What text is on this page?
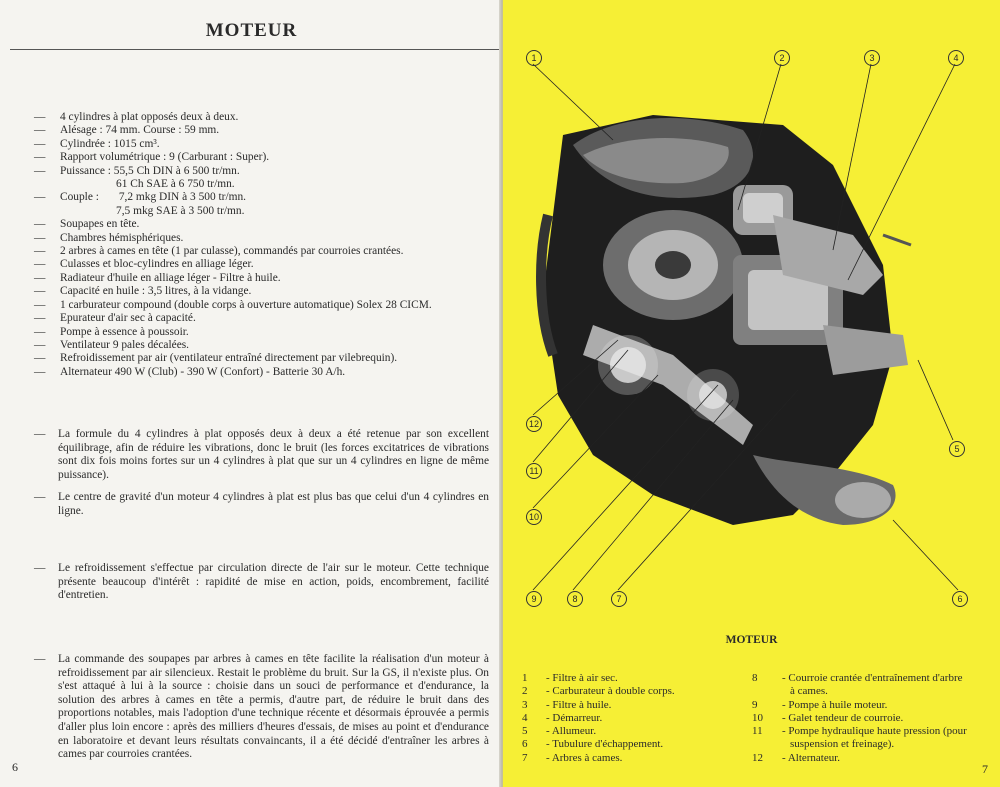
MOTEUR
— 4 cylindres à plat opposés deux à deux.
— Alésage : 74 mm. Course : 59 mm.
— Cylindrée : 1015 cm³.
— Rapport volumétrique : 9 (Carburant : Super).
— Puissance : 55,5 Ch DIN à 6 500 tr/mn.
61 Ch SAE à 6 750 tr/mn.
— Couple :       7,2 mkg DIN à 3 500 tr/mn.
7,5 mkg SAE à 3 500 tr/mn.
— Soupapes en tête.
— Chambres hémisphériques.
— 2 arbres à cames en tête (1 par culasse), commandés par courroies crantées.
— Culasses et bloc-cylindres en alliage léger.
— Radiateur d'huile en alliage léger - Filtre à huile.
— Capacité en huile : 3,5 litres, à la vidange.
— 1 carburateur compound (double corps à ouverture automatique) Solex 28 CICM.
— Epurateur d'air sec à capacité.
— Pompe à essence à poussoir.
— Ventilateur 9 pales décalées.
— Refroidissement par air (ventilateur entraîné directement par vilebrequin).
— Alternateur 490 W (Club) - 390 W (Confort) - Batterie 30 A/h.
— La formule du 4 cylindres à plat opposés deux à deux a été retenue par son excellent équilibrage, afin de réduire les vibrations, donc le bruit (les forces excitatrices de vibrations sont dix fois moins fortes sur un 4 cylindres à plat que sur un 4 cylindres en ligne de même puissance).
— Le centre de gravité d'un moteur 4 cylindres à plat est plus bas que celui d'un 4 cylindres en ligne.
— Le refroidissement s'effectue par circulation directe de l'air sur le moteur. Cette technique présente beaucoup d'intérêt : rapidité de mise en action, poids, encombrement, facilité d'entretien.
— La commande des soupapes par arbres à cames en tête facilite la réalisation d'un moteur à refroidissement par air silencieux. Restait le problème du bruit. Sur la GS, il n'existe plus. On s'est attaqué à lui à la source : choisie dans un souci de performance et d'endurance, la solution des arbres à cames en tête a permis, d'autre part, de réduire le bruit dans des proportions notables, mais l'adoption d'une technique récente et désormais éprouvée a permis d'aller plus loin encore : après des milliers d'heures d'essais, de mises au point et d'endurance en laboratoire et devant leurs résultats convaincants, il a été décidé d'entraîner les arbres à cames par courroies crantées.
6	7
1	2	3	4
5
6
7
8
9
10
11
12
MOTEUR
1 - Filtre à air sec.
2 - Carburateur à double corps.
3 - Filtre à huile.
4 - Démarreur.
5 - Allumeur.
6 - Tubulure d'échappement.
7 - Arbres à cames.
8 - Courroie crantée d'entraînement d'arbre
à cames.
9 - Pompe à huile moteur.
10 - Galet tendeur de courroie.
11 - Pompe hydraulique haute pression (pour
suspension et freinage).
12 - Alternateur.
